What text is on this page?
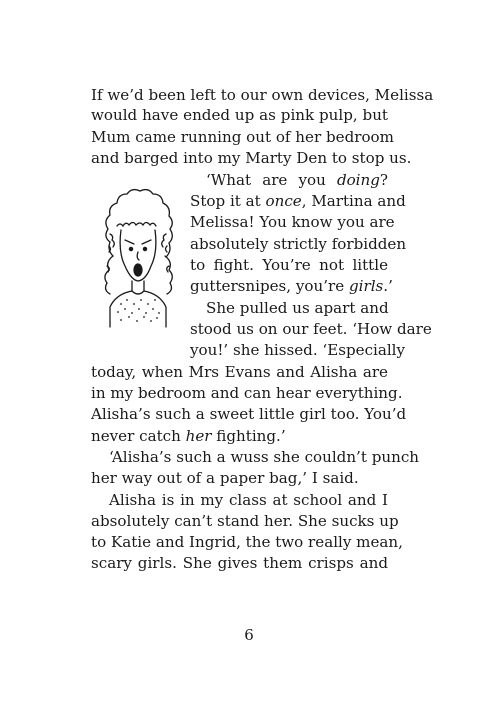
If we’d been left to our own devices, Melissa
would have ended up as pink pulp, but
Mum came running out of her bedroom
and barged into my Marty Den to stop us.
‘What are you doing?
Stop it at once, Martina and
Melissa! You know you are
absolutely strictly forbidden
to fight. You’re not little
guttersnipes, you’re girls.’
She pulled us apart and
stood us on our feet. ‘How dare
you!’ she hissed. ‘Especially
today, when Mrs Evans and Alisha are
in my bedroom and can hear everything.
Alisha’s such a sweet little girl too. You’d
never catch her fighting.’
‘Alisha’s such a wuss she couldn’t punch
her way out of a paper bag,’ I said.
Alisha is in my class at school and I
absolutely can’t stand her. She sucks up
to Katie and Ingrid, the two really mean,
scary girls. She gives them crisps and
6
